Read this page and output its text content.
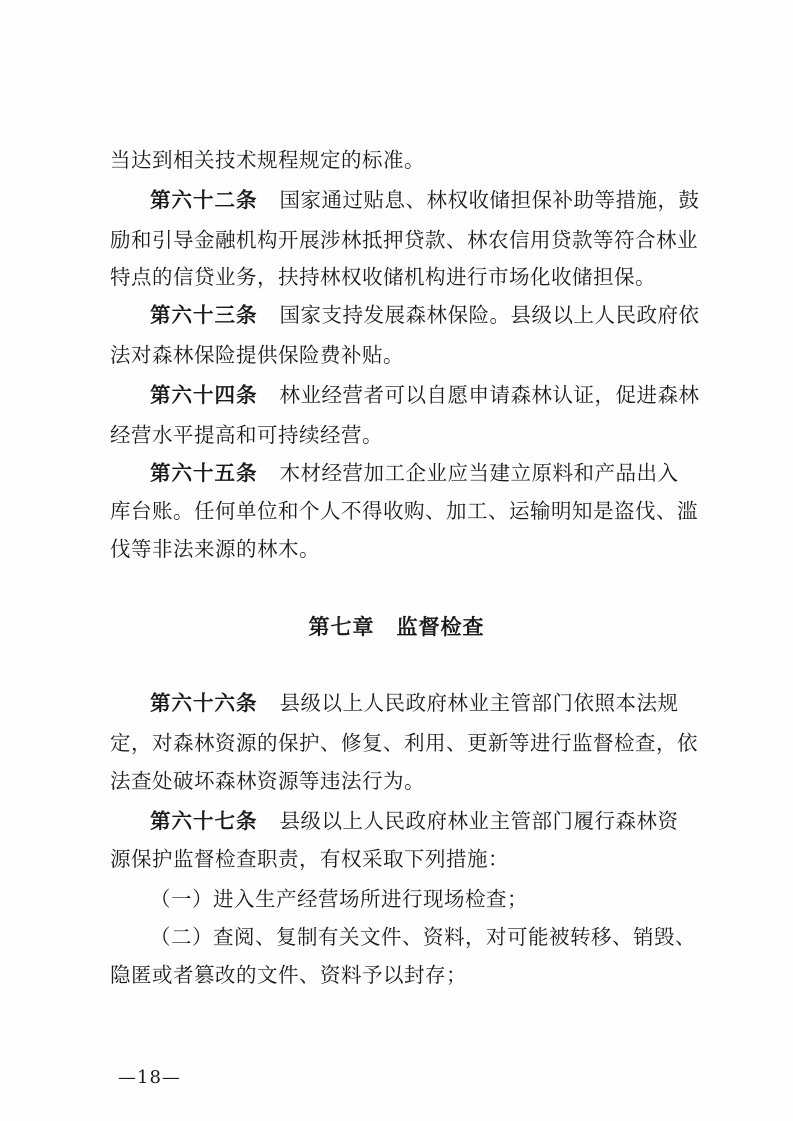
当达到相关技术规程规定的标准。
第六十二条 国家通过贴息、林权收储担保补助等措施，鼓
励和引导金融机构开展涉林抵押贷款、林农信用贷款等符合林业
特点的信贷业务，扶持林权收储机构进行市场化收储担保。
第六十三条 国家支持发展森林保险。县级以上人民政府依
法对森林保险提供保险费补贴。
第六十四条 林业经营者可以自愿申请森林认证，促进森林
经营水平提高和可持续经营。
第六十五条 木材经营加工企业应当建立原料和产品出入
库台账。任何单位和个人不得收购、加工、运输明知是盗伐、滥
伐等非法来源的林木。
第七章 监督检查
第六十六条 县级以上人民政府林业主管部门依照本法规
定，对森林资源的保护、修复、利用、更新等进行监督检查，依
法查处破坏森林资源等违法行为。
第六十七条 县级以上人民政府林业主管部门履行森林资
源保护监督检查职责，有权采取下列措施：
（一）进入生产经营场所进行现场检查；
（二）查阅、复制有关文件、资料，对可能被转移、销毁、
隐匿或者篡改的文件、资料予以封存；
—18—
